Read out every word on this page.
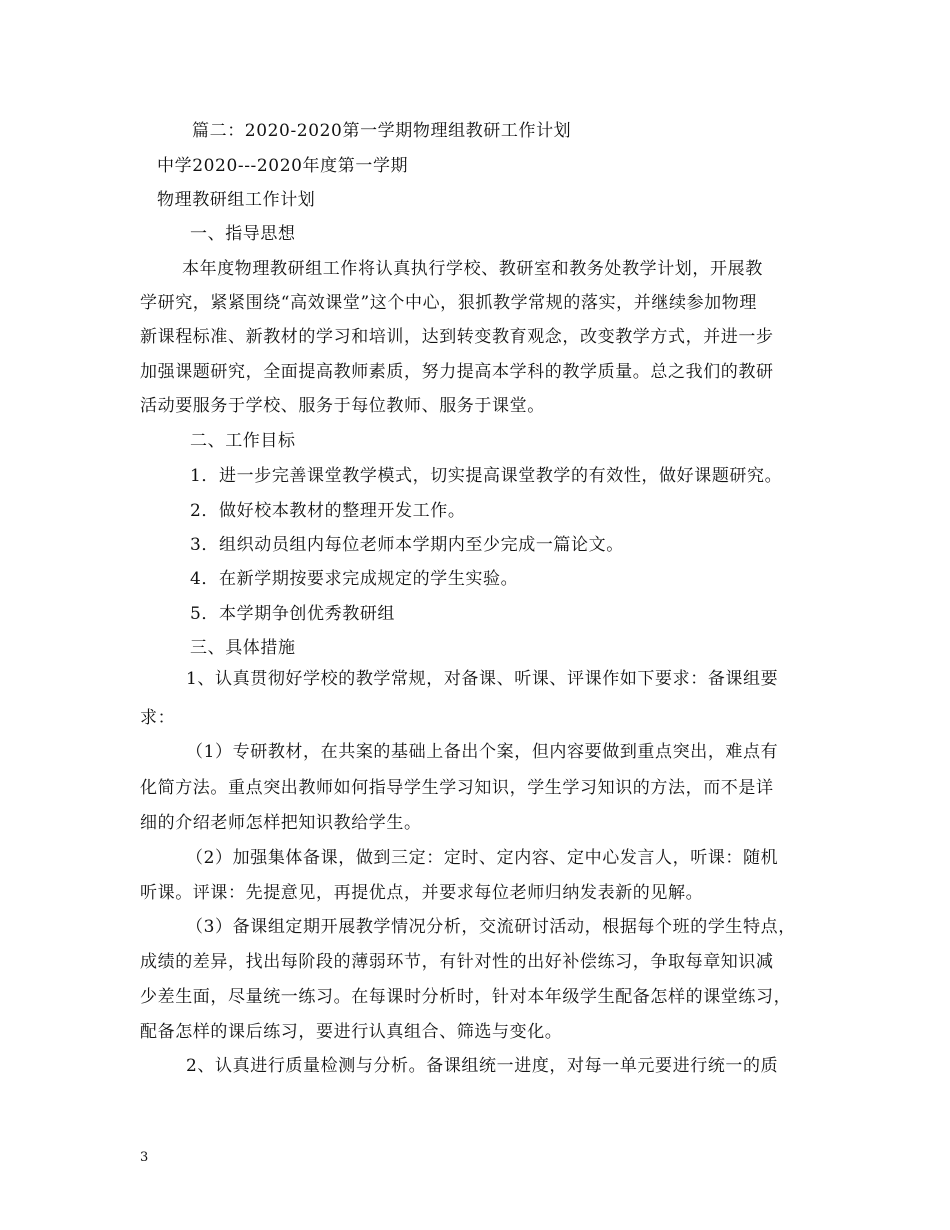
篇二：2020-2020第一学期物理组教研工作计划
中学2020---2020年度第一学期
物理教研组工作计划
一、指导思想
本年度物理教研组工作将认真执行学校、教研室和教务处教学计划，开展教
学研究，紧紧围绕“高效课堂”这个中心，狠抓教学常规的落实，并继续参加物理
新课程标准、新教材的学习和培训，达到转变教育观念，改变教学方式，并进一步
加强课题研究，全面提高教师素质，努力提高本学科的教学质量。总之我们的教研
活动要服务于学校、服务于每位教师、服务于课堂。
二、工作目标
1．进一步完善课堂教学模式，切实提高课堂教学的有效性，做好课题研究。
2．做好校本教材的整理开发工作。
3．组织动员组内每位老师本学期内至少完成一篇论文。
4．在新学期按要求完成规定的学生实验。
5．本学期争创优秀教研组
三、具体措施
1、认真贯彻好学校的教学常规，对备课、听课、评课作如下要求：备课组要
求：
（1）专研教材，在共案的基础上备出个案，但内容要做到重点突出，难点有
化简方法。重点突出教师如何指导学生学习知识，学生学习知识的方法，而不是详
细的介绍老师怎样把知识教给学生。
（2）加强集体备课，做到三定：定时、定内容、定中心发言人，听课：随机
听课。评课：先提意见，再提优点，并要求每位老师归纳发表新的见解。
（3）备课组定期开展教学情况分析，交流研讨活动，根据每个班的学生特点，
成绩的差异，找出每阶段的薄弱环节，有针对性的出好补偿练习，争取每章知识减
少差生面，尽量统一练习。在每课时分析时，针对本年级学生配备怎样的课堂练习，
配备怎样的课后练习，要进行认真组合、筛选与变化。
2、认真进行质量检测与分析。备课组统一进度，对每一单元要进行统一的质
3
